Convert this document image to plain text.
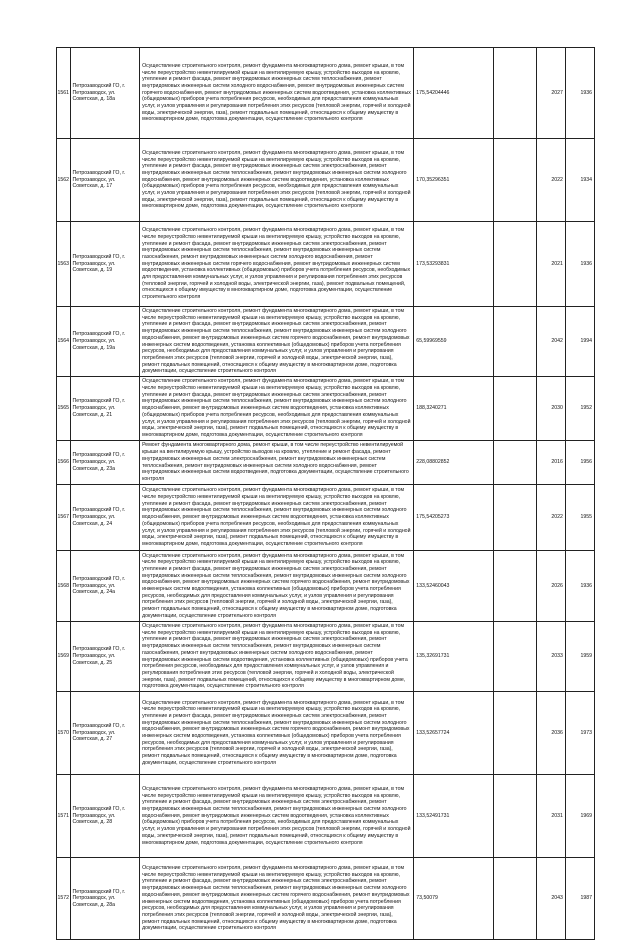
1561	Петрозаводский ГО, г. Петрозаводск, ул. Советская, д. 18а	Осуществление строительного контроля, ремонт фундамента многоквартирного дома, ремонт крыши, в том числе переустройство невентилируемой крыши на вентилируемую крышу, устройство выходов на кровлю, утепление и ремонт фасада, ремонт внутридомовых инженерных систем теплоснабжения, ремонт внутридомовых инженерных систем холодного водоснабжения, ремонт внутридомовых инженерных систем горячего водоснабжения, ремонт внутридомовых инженерных систем водоотведения, установка коллективных (общедомовых) приборов учета потребления ресурсов, необходимых для предоставления коммунальных услуг, и узлов управления и регулирования потребления этих ресурсов (тепловой энергии, горячей и холодной воды, электрической энергии, газа), ремонт подвальных помещений, относящихся к общему имуществу в многоквартирном доме, подготовка документации, осуществление строительного контроля	175,54204446		2027	1936
1562	Петрозаводский ГО, г. Петрозаводск, ул. Советская, д. 17	Осуществление строительного контроля, ремонт фундамента многоквартирного дома, ремонт крыши, в том числе переустройство невентилируемой крыши на вентилируемую крышу, устройство выходов на кровлю, утепление и ремонт фасада, ремонт внутридомовых инженерных систем электроснабжения, ремонт внутридомовых инженерных систем теплоснабжения, ремонт внутридомовых инженерных систем холодного водоснабжения, ремонт внутридомовых инженерных систем водоотведения, установка коллективных (общедомовых) приборов учета потребления ресурсов, необходимых для предоставления коммунальных услуг, и узлов управления и регулирования потребления этих ресурсов (тепловой энергии, горячей и холодной воды, электрической энергии, газа), ремонт подвальных помещений, относящихся к общему имуществу в многоквартирном доме, подготовка документации, осуществление строительного контроля	170,35296351		2022	1934
1563	Петрозаводский ГО, г. Петрозаводск, ул. Советская, д. 19	Осуществление строительного контроля, ремонт фундамента многоквартирного дома, ремонт крыши, в том числе переустройство невентилируемой крыши на вентилируемую крышу, устройство выходов на кровлю, утепление и ремонт фасада, ремонт внутридомовых инженерных систем электроснабжения, ремонт внутридомовых инженерных систем теплоснабжения, ремонт внутридомовых инженерных систем газоснабжения, ремонт внутридомовых инженерных систем холодного водоснабжения, ремонт внутридомовых инженерных систем горячего водоснабжения, ремонт внутридомовых инженерных систем водоотведения, установка коллективных (общедомовых) приборов учета потребления ресурсов, необходимых для предоставления коммунальных услуг, и узлов управления и регулирования потребления этих ресурсов (тепловой энергии, горячей и холодной воды, электрической энергии, газа), ремонт подвальных помещений, относящихся к общему имуществу в многоквартирном доме, подготовка документации, осуществление строительного контроля	173,53293831		2021	1936
1564	Петрозаводский ГО, г. Петрозаводск, ул. Советская, д. 19а	Осуществление строительного контроля, ремонт фундамента многоквартирного дома, ремонт крыши, в том числе переустройство невентилируемой крыши на вентилируемую крышу, устройство выходов на кровлю, утепление и ремонт фасада, ремонт внутридомовых инженерных систем электроснабжения, ремонт внутридомовых инженерных систем теплоснабжения, ремонт внутридомовых инженерных систем холодного водоснабжения, ремонт внутридомовых инженерных систем горячего водоснабжения, ремонт внутридомовых инженерных систем водоотведения, установка коллективных (общедомовых) приборов учета потребления ресурсов, необходимых для предоставления коммунальных услуг, и узлов управления и регулирования потребления этих ресурсов (тепловой энергии, горячей и холодной воды, электрической энергии, газа), ремонт подвальных помещений, относящихся к общему имуществу в многоквартирном доме, подготовка документации, осуществление строительного контроля	65,59969559		2042	1994
1565	Петрозаводский ГО, г. Петрозаводск, ул. Советская, д. 21	Осуществление строительного контроля, ремонт фундамента многоквартирного дома, ремонт крыши, в том числе переустройство невентилируемой крыши на вентилируемую крышу, устройство выходов на кровлю, утепление и ремонт фасада, ремонт внутридомовых инженерных систем электроснабжения, ремонт внутридомовых инженерных систем теплоснабжения, ремонт внутридомовых инженерных систем холодного водоснабжения, ремонт внутридомовых инженерных систем водоотведения, установка коллективных (общедомовых) приборов учета потребления ресурсов, необходимых для предоставления коммунальных услуг, и узлов управления и регулирования потребления этих ресурсов (тепловой энергии, горячей и холодной воды, электрической энергии, газа), ремонт подвальных помещений, относящихся к общему имуществу в многоквартирном доме, подготовка документации, осуществление строительного контроля	188,3240271		2030	1952
1566	Петрозаводский ГО, г. Петрозаводск, ул. Советская, д. 23а	Ремонт фундамента многоквартирного дома, ремонт крыши, в том числе переустройство невентилируемой крыши на вентилируемую крышу, устройство выходов на кровлю, утепление и ремонт фасада, ремонт внутридомовых инженерных систем электроснабжения, ремонт внутридомовых инженерных систем теплоснабжения, ремонт внутридомовых инженерных систем холодного водоснабжения, ремонт внутридомовых инженерных систем водоотведения, подготовка документации, осуществление строительного контроля	228,08802852		2016	1956
1567	Петрозаводский ГО, г. Петрозаводск, ул. Советская, д. 24	Осуществление строительного контроля, ремонт фундамента многоквартирного дома, ремонт крыши, в том числе переустройство невентилируемой крыши на вентилируемую крышу, устройство выходов на кровлю, утепление и ремонт фасада, ремонт внутридомовых инженерных систем электроснабжения, ремонт внутридомовых инженерных систем теплоснабжения, ремонт внутридомовых инженерных систем холодного водоснабжения, ремонт внутридомовых инженерных систем водоотведения, установка коллективных (общедомовых) приборов учета потребления ресурсов, необходимых для предоставления коммунальных услуг, и узлов управления и регулирования потребления этих ресурсов (тепловой энергии, горячей и холодной воды, электрической энергии, газа), ремонт подвальных помещений, относящихся к общему имуществу в многоквартирном доме, подготовка документации, осуществление строительного контроля	175,54205273		2022	1955
1568	Петрозаводский ГО, г. Петрозаводск, ул. Советская, д. 24а	Осуществление строительного контроля, ремонт фундамента многоквартирного дома, ремонт крыши, в том числе переустройство невентилируемой крыши на вентилируемую крышу, устройство выходов на кровлю, утепление и ремонт фасада, ремонт внутридомовых инженерных систем электроснабжения, ремонт внутридомовых инженерных систем теплоснабжения, ремонт внутридомовых инженерных систем холодного водоснабжения, ремонт внутридомовых инженерных систем горячего водоснабжения, ремонт внутридомовых инженерных систем водоотведения, установка коллективных (общедомовых) приборов учета потребления ресурсов, необходимых для предоставления коммунальных услуг, и узлов управления и регулирования потребления этих ресурсов (тепловой энергии, горячей и холодной воды, электрической энергии, газа), ремонт подвальных помещений, относящихся к общему имуществу в многоквартирном доме, подготовка документации, осуществление строительного контроля	133,52460043		2026	1936
1569	Петрозаводский ГО, г. Петрозаводск, ул. Советская, д. 25	Осуществление строительного контроля, ремонт фундамента многоквартирного дома, ремонт крыши, в том числе переустройство невентилируемой крыши на вентилируемую крышу, устройство выходов на кровлю, утепление и ремонт фасада, ремонт внутридомовых инженерных систем электроснабжения, ремонт внутридомовых инженерных систем теплоснабжения, ремонт внутридомовых инженерных систем газоснабжения, ремонт внутридомовых инженерных систем холодного водоснабжения, ремонт внутридомовых инженерных систем водоотведения, установка коллективных (общедомовых) приборов учета потребления ресурсов, необходимых для предоставления коммунальных услуг, и узлов управления и регулирования потребления этих ресурсов (тепловой энергии, горячей и холодной воды, электрической энергии, газа), ремонт подвальных помещений, относящихся к общему имуществу в многоквартирном доме, подготовка документации, осуществление строительного контроля	135,32691731		2033	1959
1570	Петрозаводский ГО, г. Петрозаводск, ул. Советская, д. 27	Осуществление строительного контроля, ремонт фундамента многоквартирного дома, ремонт крыши, в том числе переустройство невентилируемой крыши на вентилируемую крышу, устройство выходов на кровлю, утепление и ремонт фасада, ремонт внутридомовых инженерных систем электроснабжения, ремонт внутридомовых инженерных систем теплоснабжения, ремонт внутридомовых инженерных систем холодного водоснабжения, ремонт внутридомовых инженерных систем горячего водоснабжения, ремонт внутридомовых инженерных систем водоотведения, установка коллективных (общедомовых) приборов учета потребления ресурсов, необходимых для предоставления коммунальных услуг, и узлов управления и регулирования потребления этих ресурсов (тепловой энергии, горячей и холодной воды, электрической энергии, газа), ремонт подвальных помещений, относящихся к общему имуществу в многоквартирном доме, подготовка документации, осуществление строительного контроля	133,52657724		2036	1973
1571	Петрозаводский ГО, г. Петрозаводск, ул. Советская, д. 28	Осуществление строительного контроля, ремонт фундамента многоквартирного дома, ремонт крыши, в том числе переустройство невентилируемой крыши на вентилируемую крышу, устройство выходов на кровлю, утепление и ремонт фасада, ремонт внутридомовых инженерных систем электроснабжения, ремонт внутридомовых инженерных систем теплоснабжения, ремонт внутридомовых инженерных систем холодного водоснабжения, ремонт внутридомовых инженерных систем водоотведения, установка коллективных (общедомовых) приборов учета потребления ресурсов, необходимых для предоставления коммунальных услуг, и узлов управления и регулирования потребления этих ресурсов (тепловой энергии, горячей и холодной воды, электрической энергии, газа), ремонт подвальных помещений, относящихся к общему имуществу в многоквартирном доме, подготовка документации, осуществление строительного контроля	133,52491731		2031	1969
1572	Петрозаводский ГО, г. Петрозаводск, ул. Советская, д. 28а	Осуществление строительного контроля, ремонт фундамента многоквартирного дома, ремонт крыши, в том числе переустройство невентилируемой крыши на вентилируемую крышу, устройство выходов на кровлю, утепление и ремонт фасада, ремонт внутридомовых инженерных систем электроснабжения, ремонт внутридомовых инженерных систем теплоснабжения, ремонт внутридомовых инженерных систем холодного водоснабжения, ремонт внутридомовых инженерных систем горячего водоснабжения, ремонт внутридомовых инженерных систем водоотведения, установка коллективных (общедомовых) приборов учета потребления ресурсов, необходимых для предоставления коммунальных услуг, и узлов управления и регулирования потребления этих ресурсов (тепловой энергии, горячей и холодной воды, электрической энергии, газа), ремонт подвальных помещений, относящихся к общему имуществу в многоквартирном доме, подготовка документации, осуществление строительного контроля	73,50079		2043	1987
